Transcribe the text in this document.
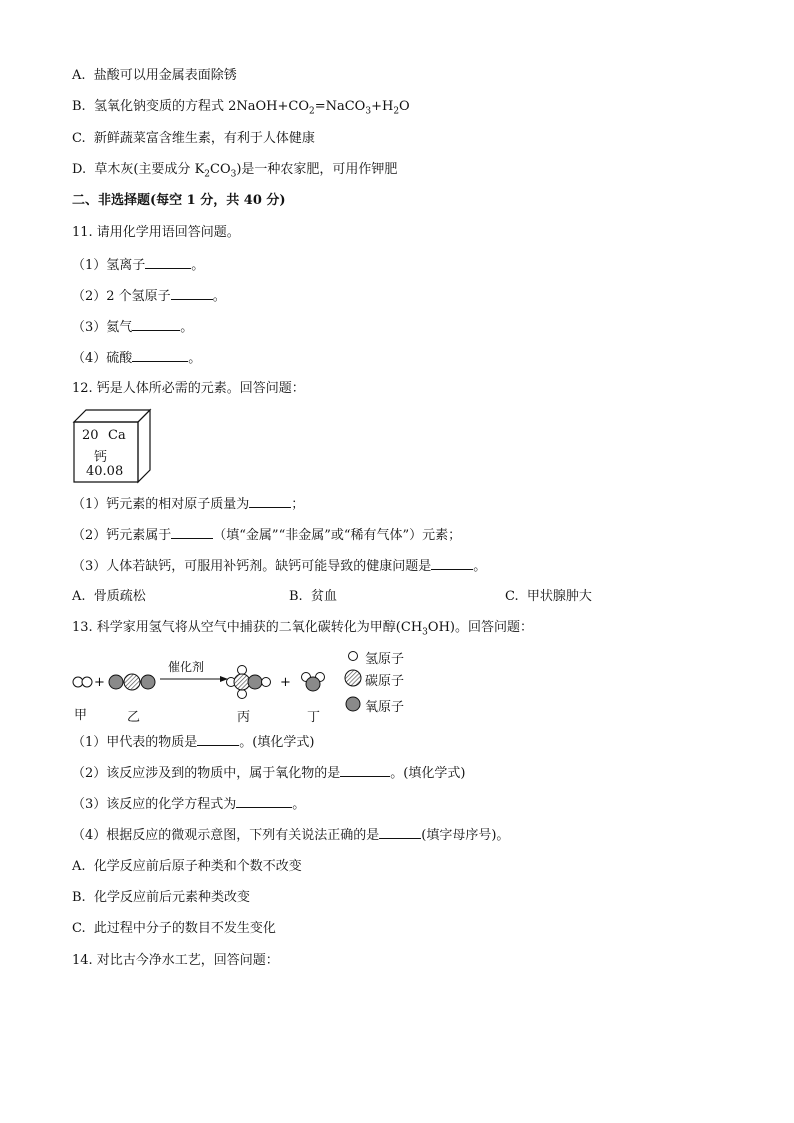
A. 盐酸可以用金属表面除锈
B. 氢氧化钠变质的方程式 $2NaOH+CO_2=NaCO_3+H_2O$
C. 新鲜蔬菜富含维生素，有利于人体健康
D. 草木灰(主要成分 $K_2CO_3$)是一种农家肥，可用作钾肥
二、非选择题(每空 1 分，共 40 分)
11. 请用化学用语回答问题。
（1）氢离子	。
（2）2 个氢原子	。
（3）氦气	。
（4）硫酸	。
12. 钙是人体所必需的元素。回答问题：
20 Ca
钙
40.08
（1）钙元素的相对原子质量为	；
（2）钙元素属于	（填“金属”“非金属”或“稀有气体”）元素；
（3）人体若缺钙，可服用补钙剂。缺钙可能导致的健康问题是	。
A. 骨质疏松	B. 贫血	C. 甲状腺肿大
13. 科学家用氢气将从空气中捕获的二氧化碳转化为甲醇$(CH_3OH)$。回答问题：
+	+
催化剂
甲	乙	丙	丁
氢原子
碳原子
氧原子
（1）甲代表的物质是	。(填化学式)
（2）该反应涉及到的物质中，属于氧化物的是	。(填化学式)
（3）该反应的化学方程式为	。
（4）根据反应的微观示意图，下列有关说法正确的是	(填字母序号)。
A. 化学反应前后原子种类和个数不改变
B. 化学反应前后元素种类改变
C. 此过程中分子的数目不发生变化
14. 对比古今净水工艺，回答问题：
